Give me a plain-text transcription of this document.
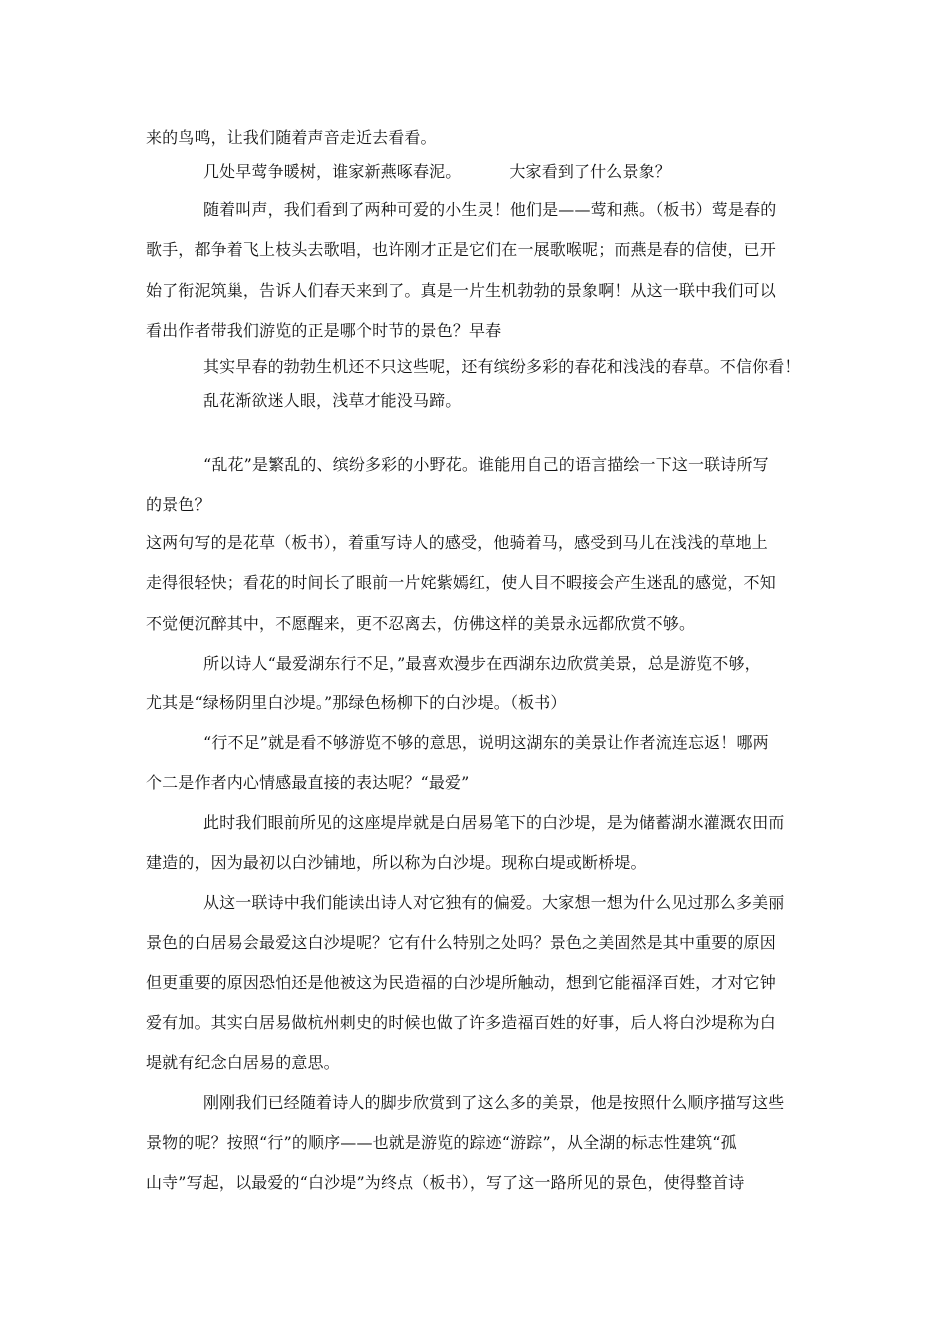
来的鸟鸣，让我们随着声音走近去看看。
几处早莺争暖树，谁家新燕啄春泥。	大家看到了什么景象？
随着叫声，我们看到了两种可爱的小生灵！他们是——莺和燕。（板书）莺是春的
歌手，都争着飞上枝头去歌唱，也许刚才正是它们在一展歌喉呢；而燕是春的信使，已开
始了衔泥筑巢，告诉人们春天来到了。真是一片生机勃勃的景象啊！从这一联中我们可以
看出作者带我们游览的正是哪个时节的景色？早春
其实早春的勃勃生机还不只这些呢，还有缤纷多彩的春花和浅浅的春草。不信你看！
乱花渐欲迷人眼，浅草才能没马蹄。
“乱花”是繁乱的、缤纷多彩的小野花。谁能用自己的语言描绘一下这一联诗所写
的景色？
这两句写的是花草（板书），着重写诗人的感受，他骑着马，感受到马儿在浅浅的草地上
走得很轻快；看花的时间长了眼前一片姹紫嫣红，使人目不暇接会产生迷乱的感觉，不知
不觉便沉醉其中，不愿醒来，更不忍离去，仿佛这样的美景永远都欣赏不够。
所以诗人“最爱湖东行不足，”最喜欢漫步在西湖东边欣赏美景，总是游览不够，
尤其是“绿杨阴里白沙堤。”那绿色杨柳下的白沙堤。（板书）
“行不足”就是看不够游览不够的意思，说明这湖东的美景让作者流连忘返！哪两
个二是作者内心情感最直接的表达呢？“最爱”
此时我们眼前所见的这座堤岸就是白居易笔下的白沙堤，是为储蓄湖水灌溉农田而
建造的，因为最初以白沙铺地，所以称为白沙堤。现称白堤或断桥堤。
从这一联诗中我们能读出诗人对它独有的偏爱。大家想一想为什么见过那么多美丽
景色的白居易会最爱这白沙堤呢？它有什么特别之处吗？景色之美固然是其中重要的原因
但更重要的原因恐怕还是他被这为民造福的白沙堤所触动，想到它能福泽百姓，才对它钟
爱有加。其实白居易做杭州刺史的时候也做了许多造福百姓的好事，后人将白沙堤称为白
堤就有纪念白居易的意思。
刚刚我们已经随着诗人的脚步欣赏到了这么多的美景，他是按照什么顺序描写这些
景物的呢？按照“行”的顺序——也就是游览的踪迹“游踪”，从全湖的标志性建筑“孤
山寺”写起，以最爱的“白沙堤”为终点（板书），写了这一路所见的景色，使得整首诗
